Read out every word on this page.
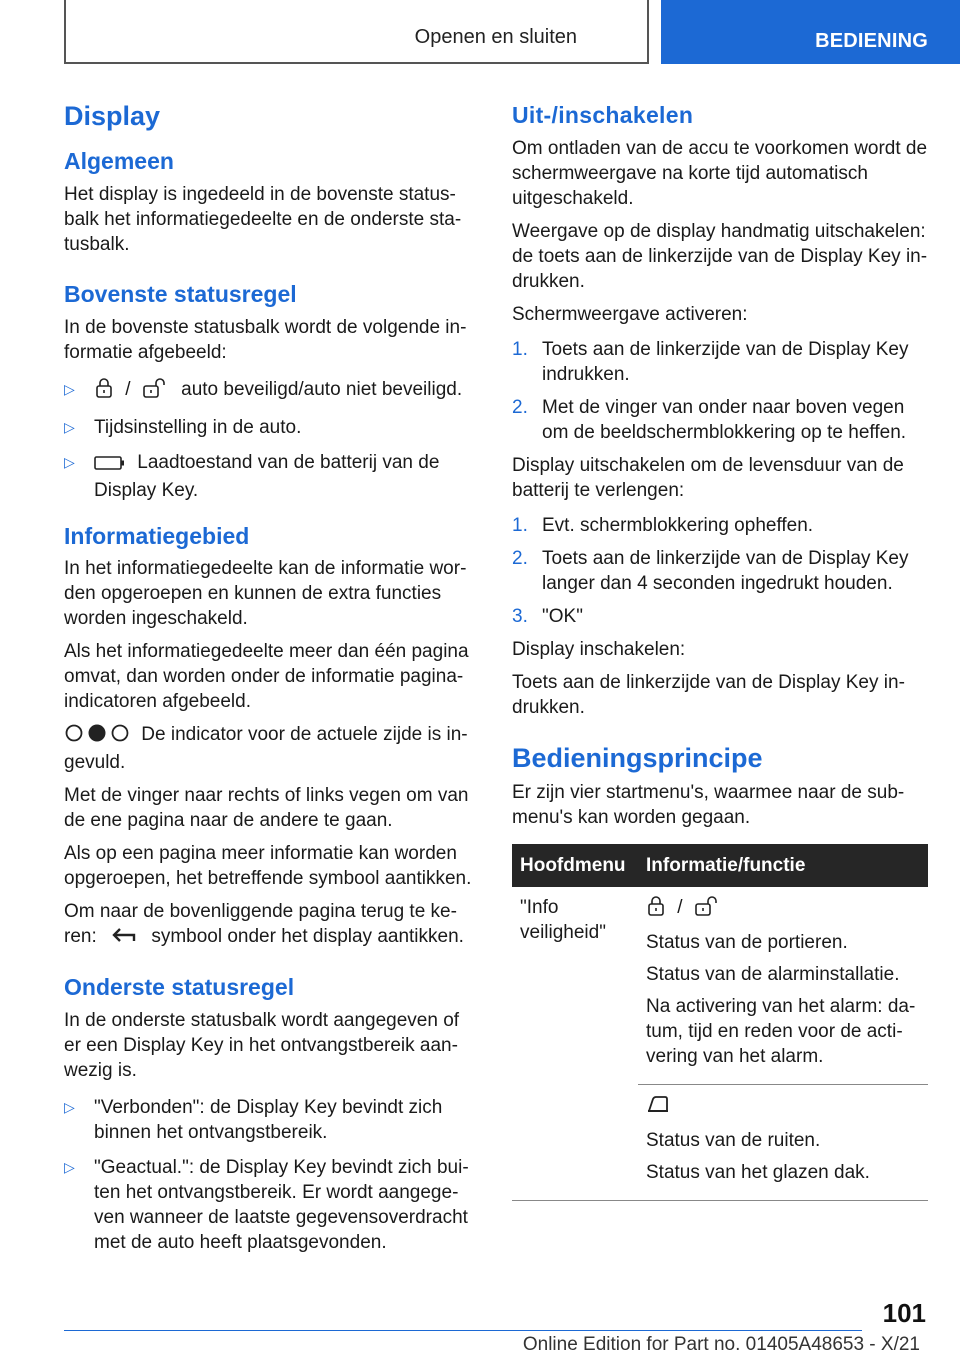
Openen en sluiten	BEDIENING
Display
Algemeen

Het display is ingedeeld in de bovenste statusbalk het informatiegedeelte en de onderste statusbalk.

Bovenste statusregel

In de bovenste statusbalk wordt de volgende informatie afgebeeld:

▷	/	auto beveiligd/auto niet beveiligd.
▷ Tijdsinstelling in de auto.
▷	Laadtoestand van de batterij van de Display Key.
Informatiegebied

In het informatiegedeelte kan de informatie worden opgeroepen en kunnen de extra functies worden ingeschakeld.

Als het informatiegedeelte meer dan één pagina omvat, dan worden onder de informatie pagina-indicatoren afgebeeld.

De indicator voor de actuele zijde is ingevuld.

Met de vinger naar rechts of links vegen om van de ene pagina naar de andere te gaan.

Als op een pagina meer informatie kan worden opgeroepen, het betreffende symbool aantikken.

Om naar de bovenliggende pagina terug te keren:	symbool onder het display aantikken.

Onderste statusregel

In de onderste statusbalk wordt aangegeven of er een Display Key in het ontvangstbereik aanwezig is.

▷ "Verbonden": de Display Key bevindt zich binnen het ontvangstbereik.
▷ "Geactual.": de Display Key bevindt zich buiten het ontvangstbereik. Er wordt aangegeven wanneer de laatste gegevensoverdracht met de auto heeft plaatsgevonden.
Uit-/inschakelen

Om ontladen van de accu te voorkomen wordt de schermweergave na korte tijd automatisch uitgeschakeld.

Weergave op de display handmatig uitschakelen: de toets aan de linkerzijde van de Display Key indrukken.

Schermweergave activeren:

1. Toets aan de linkerzijde van de Display Key indrukken.
2. Met de vinger van onder naar boven vegen om de beeldschermblokkering op te heffen.

Display uitschakelen om de levensduur van de batterij te verlengen:

1. Evt. schermblokkering opheffen.
2. Toets aan de linkerzijde van de Display Key langer dan 4 seconden ingedrukt houden.
3. "OK"

Display inschakelen:

Toets aan de linkerzijde van de Display Key indrukken.

Bedieningsprincipe

Er zijn vier startmenu's, waarmee naar de submenu's kan worden gegaan.

Hoofdmenu	Informatie/functie
"Info veiligheid"	/

Status van de portieren.

Status van de alarminstallatie.

Na activering van het alarm: datum, tijd en reden voor de activering van het alarm.

	Status van de ruiten.

Status van het glazen dak.

101
Online Edition for Part no. 01405A48653 - X/21
